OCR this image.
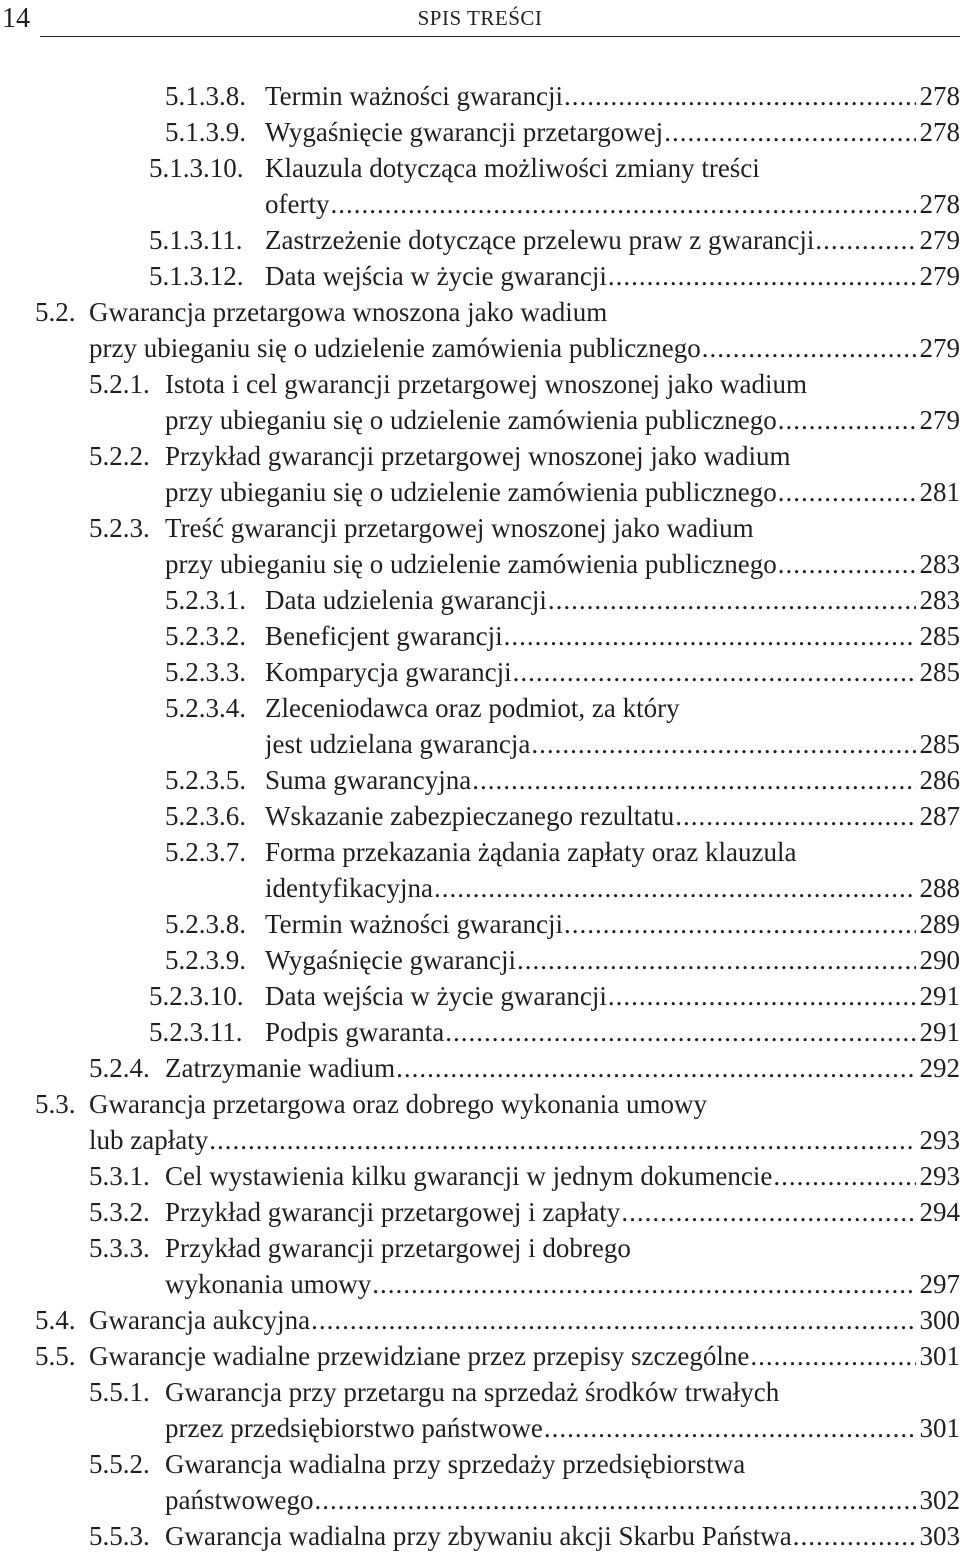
14	SPIS TREŚCI
5.1.3.8. Termin ważności gwarancji .....	278
5.1.3.9. Wygaśnięcie gwarancji przetargowej .....	278
5.1.3.10. Klauzula dotycząca możliwości zmiany treści
oferty .....	278
5.1.3.11. Zastrzeżenie dotyczące przelewu praw z gwarancji .....	279
5.1.3.12. Data wejścia w życie gwarancji .....	279
5.2. Gwarancja przetargowa wnoszona jako wadium
przy ubieganiu się o udzielenie zamówienia publicznego .....	279
5.2.1. Istota i cel gwarancji przetargowej wnoszonej jako wadium
przy ubieganiu się o udzielenie zamówienia publicznego .....	279
5.2.2. Przykład gwarancji przetargowej wnoszonej jako wadium
przy ubieganiu się o udzielenie zamówienia publicznego .....	281
5.2.3. Treść gwarancji przetargowej wnoszonej jako wadium
przy ubieganiu się o udzielenie zamówienia publicznego .....	283
5.2.3.1. Data udzielenia gwarancji .....	283
5.2.3.2. Beneficjent gwarancji .....	285
5.2.3.3. Komparycja gwarancji .....	285
5.2.3.4. Zleceniodawca oraz podmiot, za który
jest udzielana gwarancja .....	285
5.2.3.5. Suma gwarancyjna .....	286
5.2.3.6. Wskazanie zabezpieczanego rezultatu .....	287
5.2.3.7. Forma przekazania żądania zapłaty oraz klauzula
identyfikacyjna .....	288
5.2.3.8. Termin ważności gwarancji .....	289
5.2.3.9. Wygaśnięcie gwarancji .....	290
5.2.3.10. Data wejścia w życie gwarancji .....	291
5.2.3.11. Podpis gwaranta .....	291
5.2.4. Zatrzymanie wadium .....	292
5.3. Gwarancja przetargowa oraz dobrego wykonania umowy
lub zapłaty .....	293
5.3.1. Cel wystawienia kilku gwarancji w jednym dokumencie .....	293
5.3.2. Przykład gwarancji przetargowej i zapłaty .....	294
5.3.3. Przykład gwarancji przetargowej i dobrego
wykonania umowy .....	297
5.4. Gwarancja aukcyjna .....	300
5.5. Gwarancje wadialne przewidziane przez przepisy szczególne .....	301
5.5.1. Gwarancja przy przetargu na sprzedaż środków trwałych
przez przedsiębiorstwo państwowe .....	301
5.5.2. Gwarancja wadialna przy sprzedaży przedsiębiorstwa
państwowego .....	302
5.5.3. Gwarancja wadialna przy zbywaniu akcji Skarbu Państwa .....	303
